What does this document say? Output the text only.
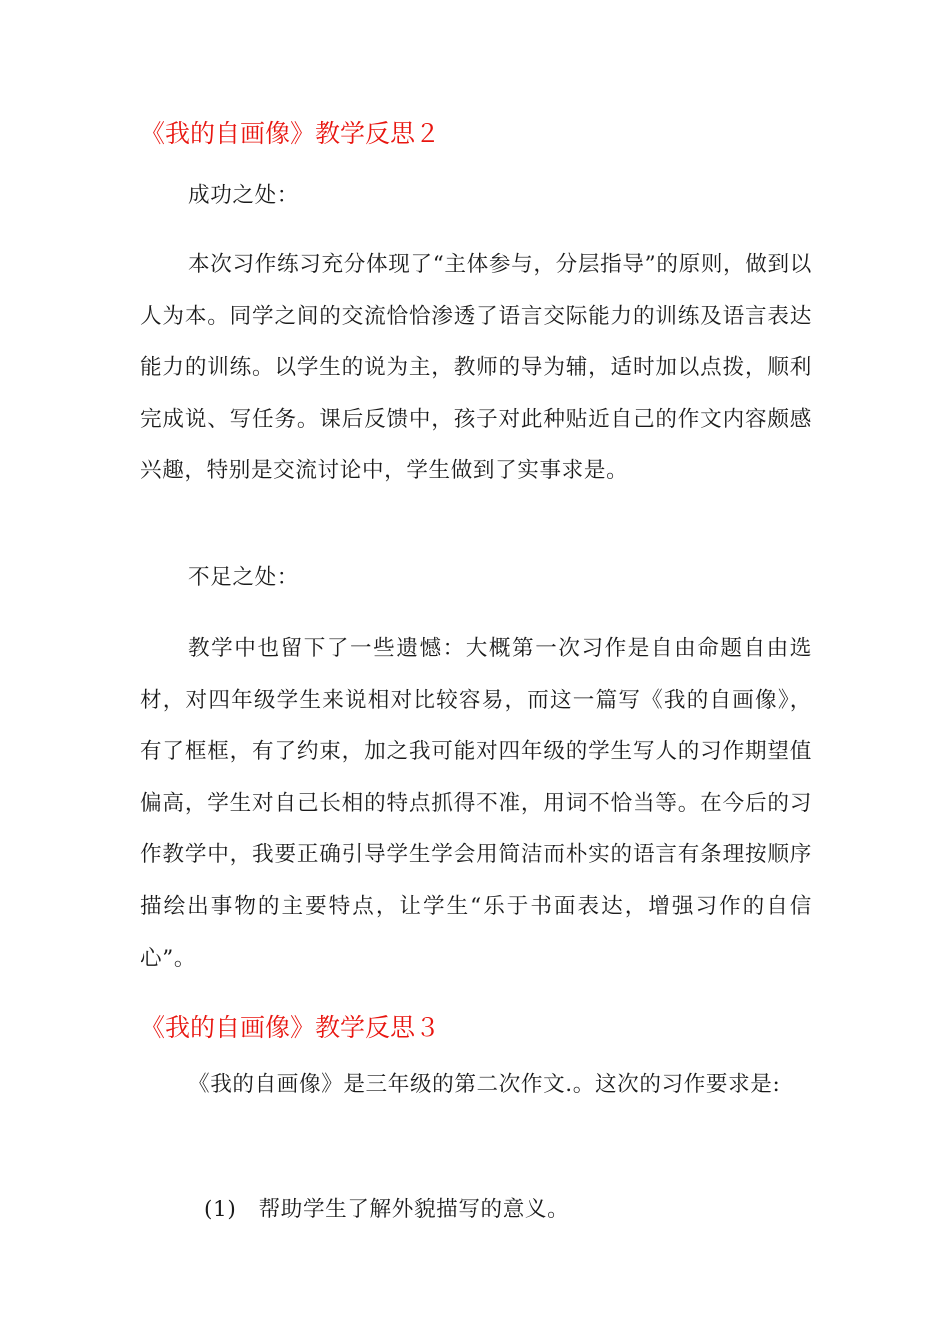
《我的自画像》教学反思２

成功之处：

本次习作练习充分体现了“主体参与，分层指导”的原则，做到以人为本。同学之间的交流恰恰渗透了语言交际能力的训练及语言表达能力的训练。以学生的说为主，教师的导为辅，适时加以点拨，顺利完成说、写任务。课后反馈中，孩子对此种贴近自己的作文内容颇感兴趣，特别是交流讨论中，学生做到了实事求是。

不足之处：

教学中也留下了一些遗憾：大概第一次习作是自由命题自由选材，对四年级学生来说相对比较容易，而这一篇写《我的自画像》，有了框框，有了约束，加之我可能对四年级的学生写人的习作期望值偏高，学生对自己长相的特点抓得不准，用词不恰当等。在今后的习作教学中，我要正确引导学生学会用简洁而朴实的语言有条理按顺序描绘出事物的主要特点，让学生“乐于书面表达，增强习作的自信心”。

《我的自画像》教学反思３

《我的自画像》是三年级的第二次作文.。这次的习作要求是:

(1)　帮助学生了解外貌描写的意义。
